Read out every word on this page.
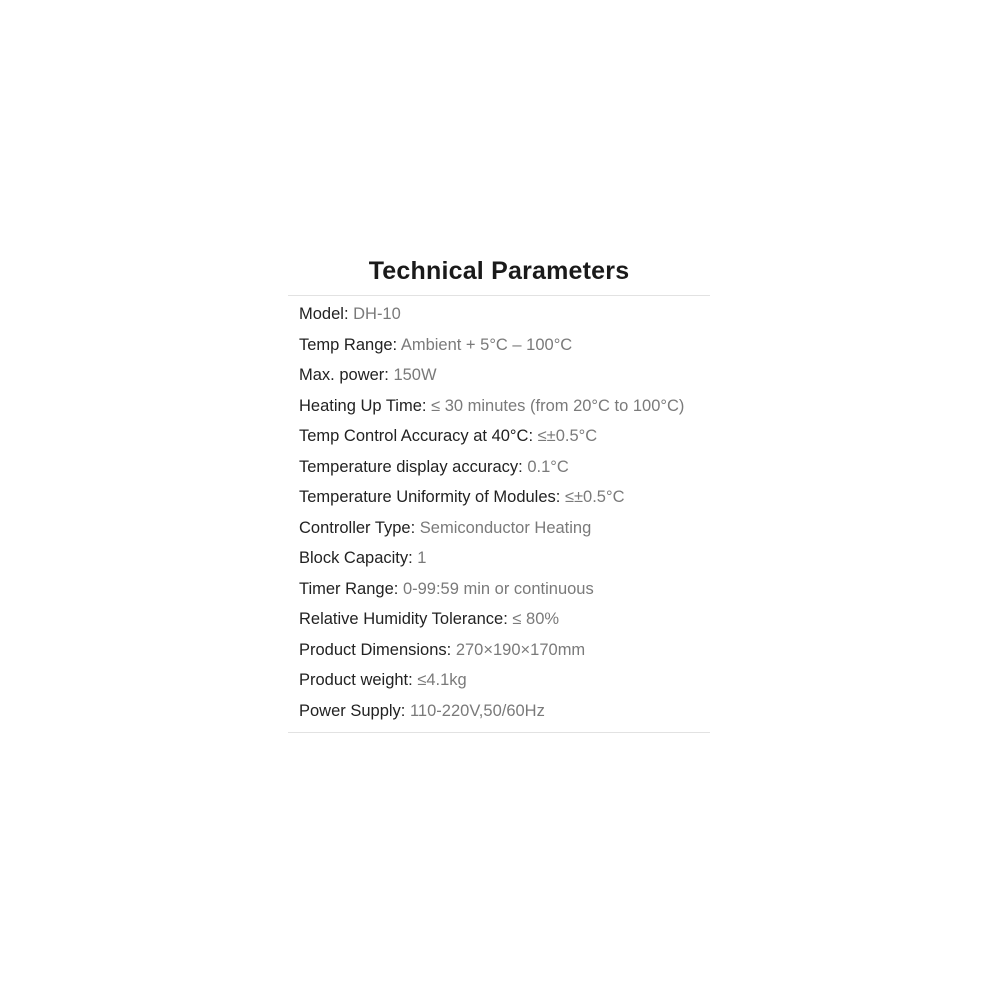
Technical Parameters
Model: DH-10
Temp Range: Ambient + 5°C – 100°C
Max. power: 150W
Heating Up Time: ≤ 30 minutes (from 20°C to 100°C)
Temp Control Accuracy at 40°C: ≤±0.5°C
Temperature display accuracy: 0.1°C
Temperature Uniformity of Modules: ≤±0.5°C
Controller Type: Semiconductor Heating
Block Capacity: 1
Timer Range: 0-99:59 min or continuous
Relative Humidity Tolerance: ≤ 80%
Product Dimensions: 270×190×170mm
Product weight: ≤4.1kg
Power Supply: 110-220V,50/60Hz
